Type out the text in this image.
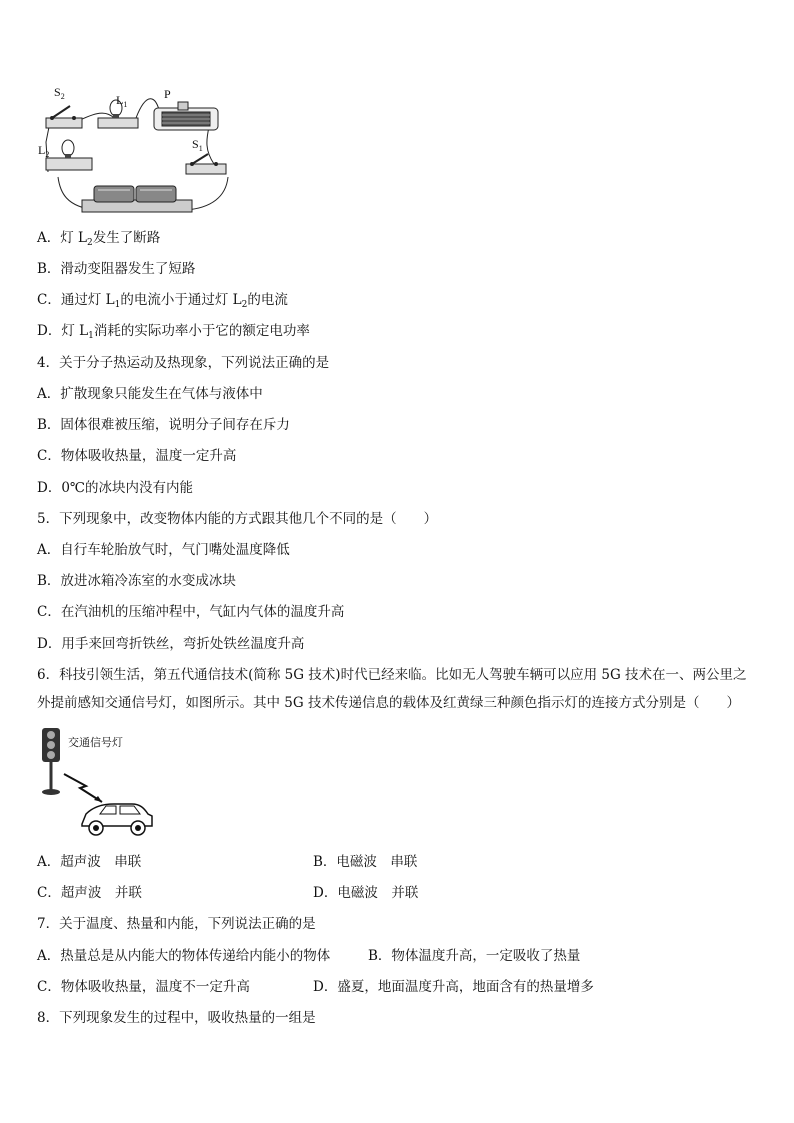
$S_2$	$L_1$
P
$L_2$
$S_1$
A．灯 $L_2$发生了断路
B．滑动变阻器发生了短路
C．通过灯 $L_1$的电流小于通过灯 $L_2$的电流
D．灯 $L_1$消耗的实际功率小于它的额定电功率
4．关于分子热运动及热现象，下列说法正确的是
A．扩散现象只能发生在气体与液体中
B．固体很难被压缩，说明分子间存在斥力
C．物体吸收热量，温度一定升高
D．0℃的冰块内没有内能
5．下列现象中，改变物体内能的方式跟其他几个不同的是（　　）
A．自行车轮胎放气时，气门嘴处温度降低
B．放进冰箱冷冻室的水变成冰块
C．在汽油机的压缩冲程中，气缸内气体的温度升高
D．用手来回弯折铁丝，弯折处铁丝温度升高
6．科技引领生活，第五代通信技术(简称 5G 技术)时代已经来临。比如无人驾驶车辆可以应用 5G 技术在一、两公里之外提前感知交通信号灯，如图所示。其中 5G 技术传递信息的载体及红黄绿三种颜色指示灯的连接方式分别是（　　）
交通信号灯
A．超声波　串联	B．电磁波　串联
C．超声波　并联	D．电磁波　并联
7．关于温度、热量和内能，下列说法正确的是
A．热量总是从内能大的物体传递给内能小的物体	B．物体温度升高，一定吸收了热量
C．物体吸收热量，温度不一定升高	D．盛夏，地面温度升高，地面含有的热量增多
8．下列现象发生的过程中，吸收热量的一组是
